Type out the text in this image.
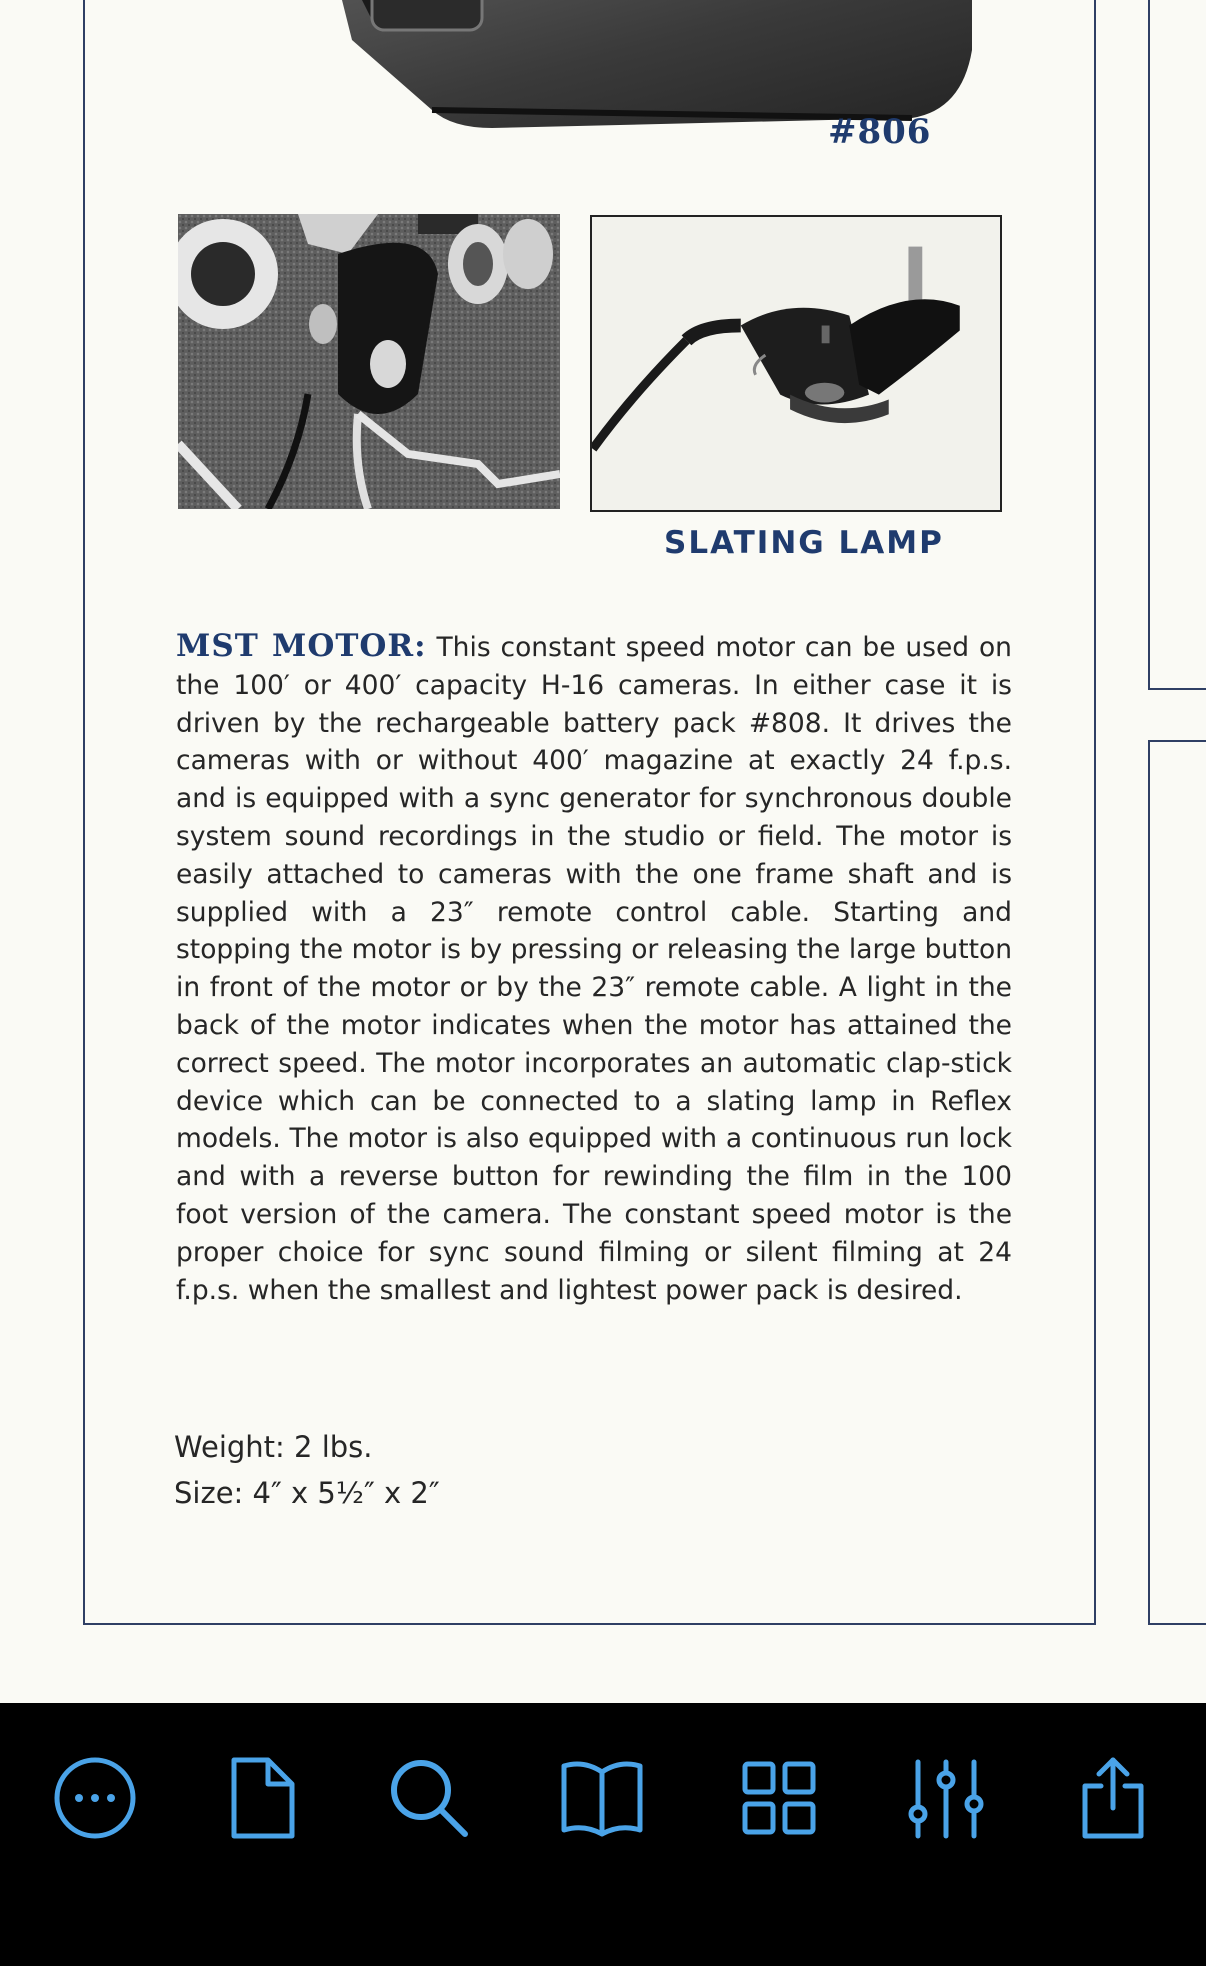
#806
SLATING LAMP
MST MOTOR: This constant speed motor can be used on the 100′ or 400′ capacity H-16 cameras. In either case it is driven by the rechargeable battery pack #808. It drives the cameras with or without 400′ magazine at exactly 24 f.p.s. and is equipped with a sync generator for synchronous double system sound recordings in the studio or field. The motor is easily attached to cameras with the one frame shaft and is supplied with a 23″ remote control cable. Starting and stopping the motor is by pressing or releasing the large button in front of the motor or by the 23″ remote cable. A light in the back of the motor indicates when the motor has attained the correct speed. The motor incorporates an automatic clap-stick device which can be connected to a slating lamp in Reflex models. The motor is also equipped with a continuous run lock and with a reverse button for rewinding the film in the 100 foot version of the camera. The constant speed motor is the proper choice for sync sound filming or silent filming at 24 f.p.s. when the smallest and lightest power pack is desired.
Weight: 2 lbs.
Size: 4″ x 5½″ x 2″
